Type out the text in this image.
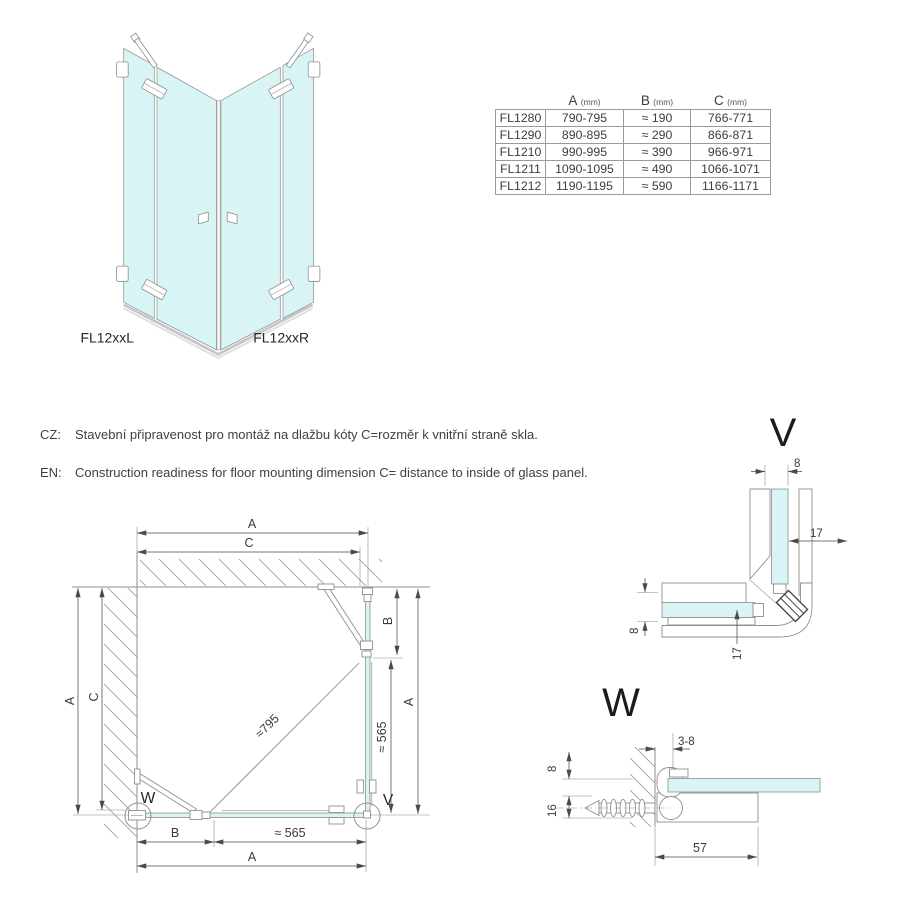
FL12xxL	FL12xxR
	A (mm)	B (mm)	C (mm)
FL1280	790-795	≈ 190	766-771
FL1290	890-895	≈ 290	866-871
FL1210	990-995	≈ 390	966-971
FL1211	1090-1095	≈ 490	1066-1071
FL1212	1190-1195	≈ 590	1166-1171
CZ:	Stavební připravenost pro montáž na dlažbu kóty C=rozměr k vnitřní straně skla.
EN:	Construction readiness for floor mounting dimension C= distance to inside of glass panel.
W	V
≈795
A
C
A C
B
≈ 565
A
B	≈ 565
A
V
8
17
8
17
W
3-8
8
16
57
